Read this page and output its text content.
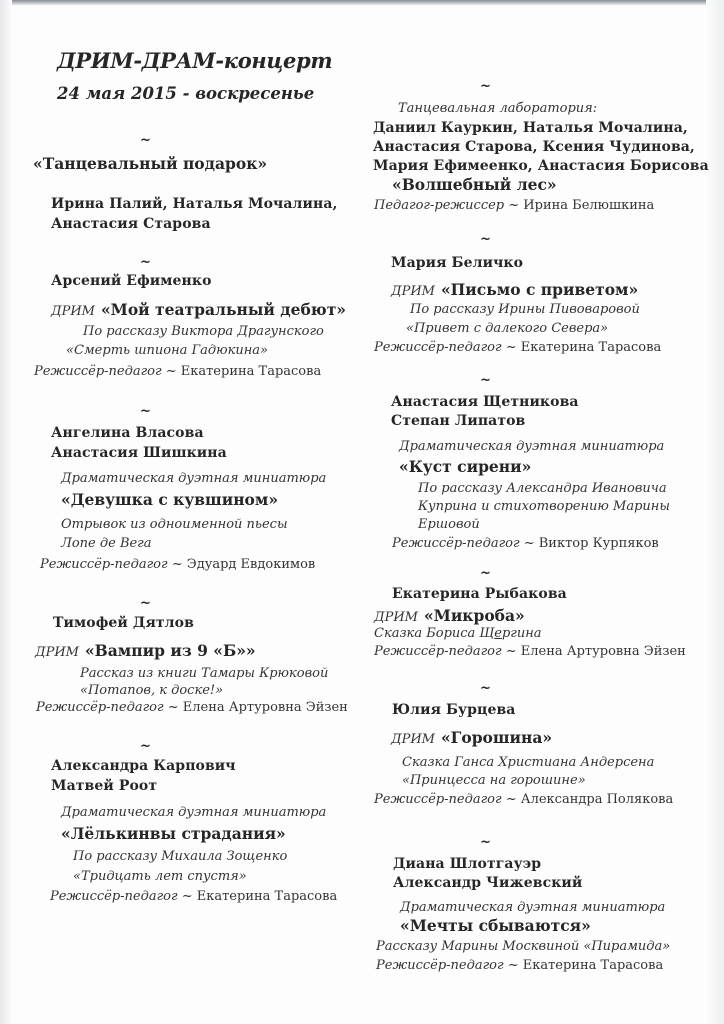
ДРИМ-ДРАМ-концерт
24 мая 2015 - воскресенье
~
«Танцевальный подарок»
Ирина Палий, Наталья Мочалина,
Анастасия Старова
~
Арсений Ефименко
ДРИМ «Мой театральный дебют»
По рассказу Виктора Драгунского
«Смерть шпиона Гадюкина»
Режиссёр-педагог ~ Екатерина Тарасова
~
Ангелина Власова
Анастасия Шишкина
Драматическая дуэтная миниатюра
«Девушка с кувшином»
Отрывок из одноименной пьесы
Лопе де Вега
Режиссёр-педагог ~ Эдуард Евдокимов
~
Тимофей Дятлов
ДРИМ «Вампир из 9 «Б»»
Рассказ из книги Тамары Крюковой
«Потапов, к доске!»
Режиссёр-педагог ~ Елена Артуровна Эйзен
~
Александра Карпович
Матвей Роот
Драматическая дуэтная миниатюра
«Лёлькинвы страдания»
По рассказу Михаила Зощенко
«Тридцать лет спустя»
Режиссёр-педагог ~ Екатерина Тарасова
~
Танцевальная лаборатория:
Даниил Кауркин, Наталья Мочалина,
Анастасия Старова, Ксения Чудинова,
Мария Ефимеенко, Анастасия Борисова
«Волшебный лес»
Педагог-режиссер ~ Ирина Белюшкина
~
Мария Беличко
ДРИМ «Письмо с приветом»
По рассказу Ирины Пивоваровой
«Привет с далекого Севера»
Режиссёр-педагог ~ Екатерина Тарасова
~
Анастасия Щетникова
Степан Липатов
Драматическая дуэтная миниатюра
«Куст сирени»
По рассказу Александра Ивановича
Куприна и стихотворению Марины
Ершовой
Режиссёр-педагог ~ Виктор Курпяков
~
Екатерина Рыбакова
ДРИМ «Микроба»
Сказка Бориса Щергина
Режиссёр-педагог ~ Елена Артуровна Эйзен
~
Юлия Бурцева
ДРИМ «Горошина»
Сказка Ганса Христиана Андерсена
«Принцесса на горошине»
Режиссёр-педагог ~ Александра Полякова
~
Диана Шлотгауэр
Александр Чижевский
Драматическая дуэтная миниатюра
«Мечты сбываются»
Рассказу Марины Москвиной «Пирамида»
Режиссёр-педагог ~ Екатерина Тарасова
